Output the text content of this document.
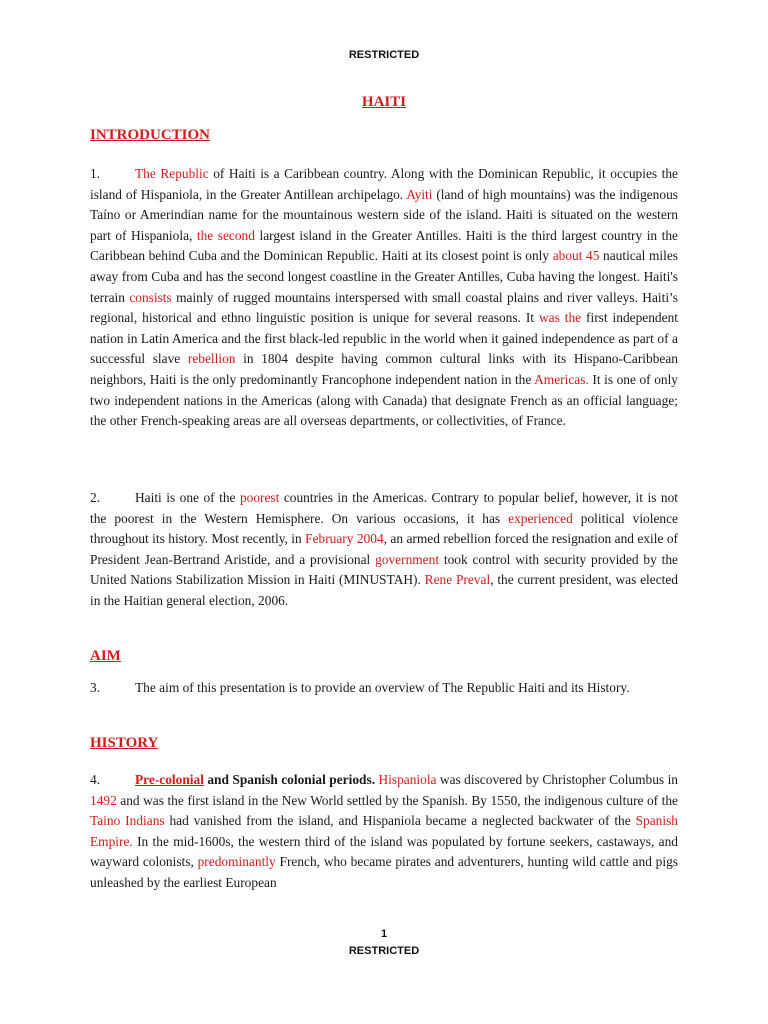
RESTRICTED
HAITI
INTRODUCTION

1.	The Republic of Haiti is a Caribbean country. Along with the Dominican Republic, it occupies the island of Hispaniola, in the Greater Antillean archipelago. Ayiti (land of high mountains) was the indigenous Taíno or Amerindian name for the mountainous western side of the island. Haiti is situated on the western part of Hispaniola, the second largest island in the Greater Antilles. Haiti is the third largest country in the Caribbean behind Cuba and the Dominican Republic. Haiti at its closest point is only about 45 nautical miles away from Cuba and has the second longest coastline in the Greater Antilles, Cuba having the longest. Haiti's terrain consists mainly of rugged mountains interspersed with small coastal plains and river valleys. Haiti’s regional, historical and ethno linguistic position is unique for several reasons. It was the first independent nation in Latin America and the first black-led republic in the world when it gained independence as part of a successful slave rebellion in 1804 despite having common cultural links with its Hispano-Caribbean neighbors, Haiti is the only predominantly Francophone independent nation in the Americas. It is one of only two independent nations in the Americas (along with Canada) that designate French as an official language; the other French-speaking areas are all overseas departments, or collectivities, of France.

2.	Haiti is one of the poorest countries in the Americas. Contrary to popular belief, however, it is not the poorest in the Western Hemisphere. On various occasions, it has experienced political violence throughout its history. Most recently, in February 2004, an armed rebellion forced the resignation and exile of President Jean-Bertrand Aristide, and a provisional government took control with security provided by the United Nations Stabilization Mission in Haiti (MINUSTAH). Rene Preval, the current president, was elected in the Haitian general election, 2006.

AIM

3.	The aim of this presentation is to provide an overview of The Republic Haiti and its History.

HISTORY

4.	Pre-colonial and Spanish colonial periods. Hispaniola was discovered by Christopher Columbus in 1492 and was the first island in the New World settled by the Spanish. By 1550, the indigenous culture of the Taino Indians had vanished from the island, and Hispaniola became a neglected backwater of the Spanish Empire. In the mid-1600s, the western third of the island was populated by fortune seekers, castaways, and wayward colonists, predominantly French, who became pirates and adventurers, hunting wild cattle and pigs unleashed by the earliest European

1
RESTRICTED
